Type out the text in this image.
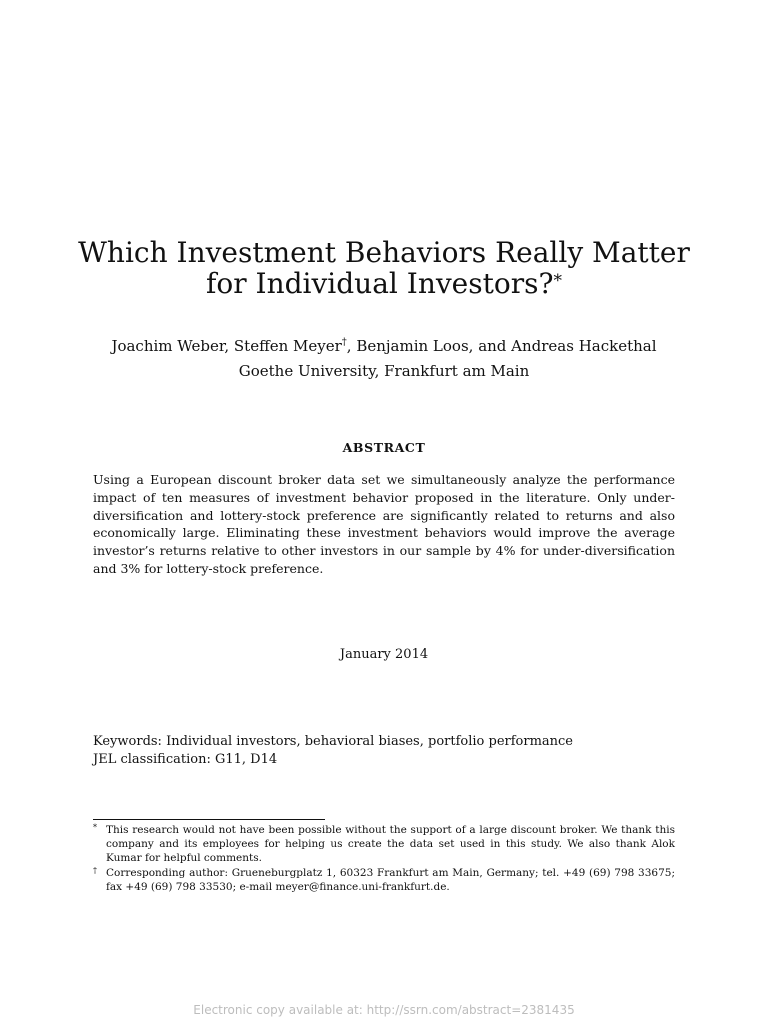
Which Investment Behaviors Really Matter
for Individual Investors?*
Joachim Weber, Steffen Meyer†, Benjamin Loos, and Andreas Hackethal
Goethe University, Frankfurt am Main
ABSTRACT

Using a European discount broker data set we simultaneously analyze the performance impact of ten measures of investment behavior proposed in the literature. Only under-diversification and lottery-stock preference are significantly related to returns and also economically large. Eliminating these investment behaviors would improve the average investor’s returns relative to other investors in our sample by 4% for under-diversification and 3% for lottery-stock preference.

January 2014
Keywords: Individual investors, behavioral biases, portfolio performance
JEL classification: G11, D14
* This research would not have been possible without the support of a large discount broker. We thank this company and its employees for helping us create the data set used in this study. We also thank Alok Kumar for helpful comments.
† Corresponding author: Grueneburgplatz 1, 60323 Frankfurt am Main, Germany; tel. +49 (69) 798 33675; fax +49 (69) 798 33530; e-mail meyer@finance.uni-frankfurt.de.
Electronic copy available at: http://ssrn.com/abstract=2381435
